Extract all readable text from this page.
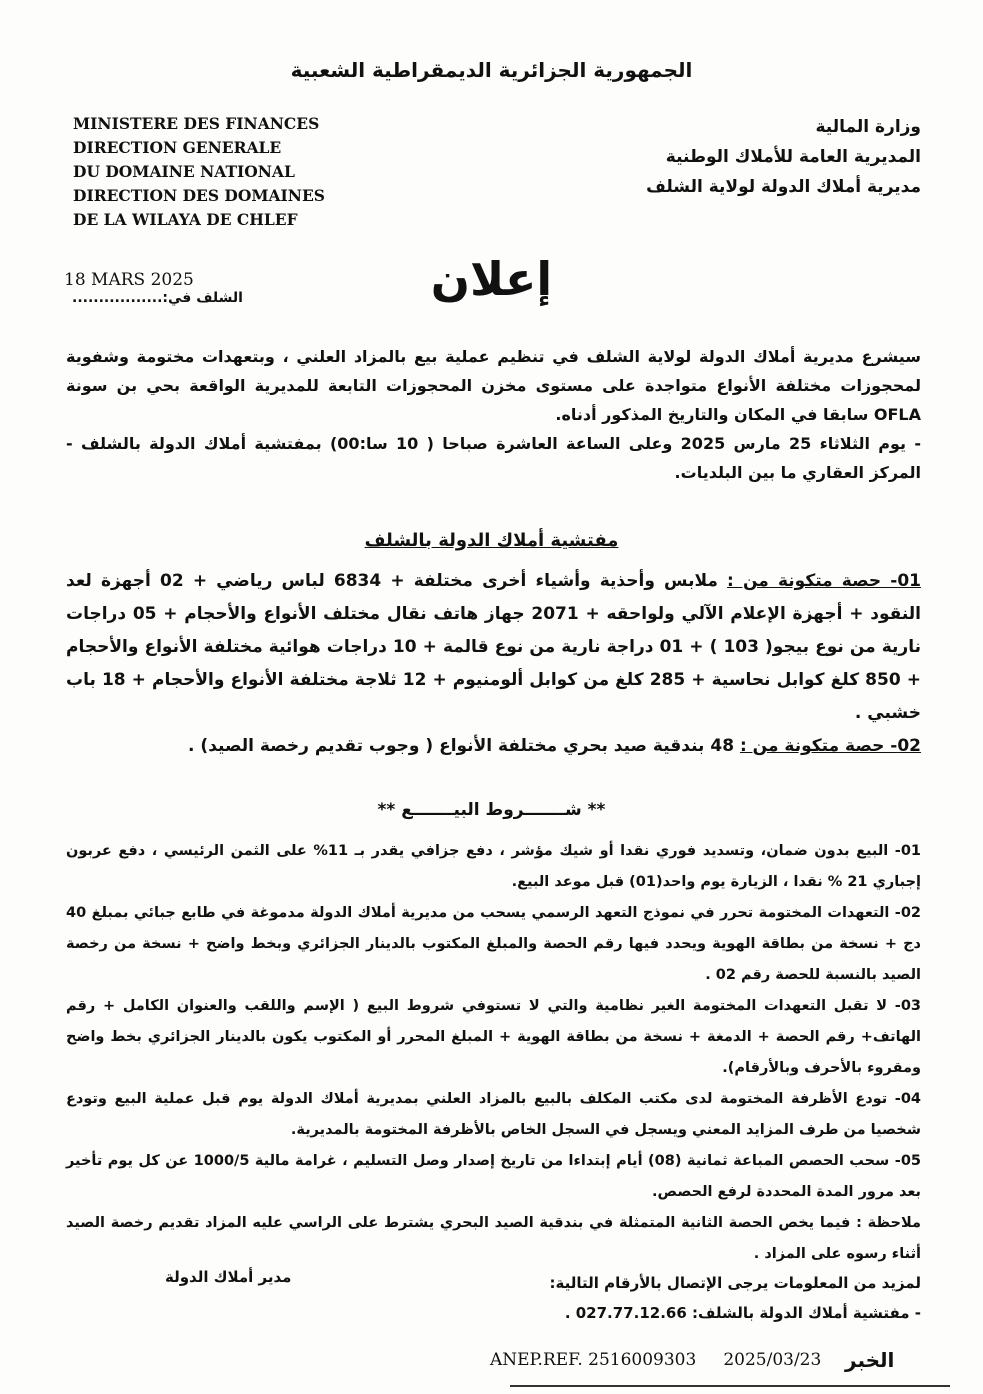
الجمهورية الجزائرية الديمقراطية الشعبية
MINISTERE DES FINANCES
DIRECTION GENERALE
DU DOMAINE NATIONAL
DIRECTION DES DOMAINES
DE LA WILAYA DE CHLEF
وزارة المالية
المديرية العامة للأملاك الوطنية
مديرية أملاك الدولة لولاية الشلف
إعلان
18 MARS 2025
الشلف في:.................

سيشرع مديرية أملاك الدولة لولاية الشلف في تنظيم عملية بيع بالمزاد العلني ، وبتعهدات مختومة وشفوية لمحجوزات مختلفة الأنواع متواجدة على مستوى مخزن المحجوزات التابعة للمديرية الواقعة بحي بن سونة OFLA سابقا في المكان والتاريخ المذكور أدناه.

- يوم الثلاثاء 25 مارس 2025 وعلى الساعة العاشرة صباحا ( 10 سا:00) بمفتشية أملاك الدولة بالشلف - المركز العقاري ما بين البلديات.

مفتشية أملاك الدولة بالشلف

01- حصة متكونة من : ملابس وأحذية وأشياء أخرى مختلفة + 6834 لباس رياضي + 02 أجهزة لعد النقود + أجهزة الإعلام الآلي ولواحقه + 2071 جهاز هاتف نقال مختلف الأنواع والأحجام + 05 دراجات نارية من نوع بيجو( 103 ) + 01 دراجة نارية من نوع قالمة + 10 دراجات هوائية مختلفة الأنواع والأحجام + 850 كلغ كوابل نحاسية + 285 كلغ من كوابل ألومنيوم + 12 ثلاجة مختلفة الأنواع والأحجام + 18 باب خشبي .

02- حصة متكونة من : 48 بندقية صيد بحري مختلفة الأنواع ( وجوب تقديم رخصة الصيد) .

** شـــــــروط البيـــــــع **

01- البيع بدون ضمان، وتسديد فوري نقدا أو شيك مؤشر ، دفع جزافي يقدر بـ 11% على الثمن الرئيسي ، دفع عربون إجباري 21 % نقدا ، الزيارة يوم واحد(01) قبل موعد البيع.

02- التعهدات المختومة تحرر في نموذج التعهد الرسمي يسحب من مديرية أملاك الدولة مدموغة في طابع جبائي بمبلغ 40 دج + نسخة من بطاقة الهوية ويحدد فيها رقم الحصة والمبلغ المكتوب بالدينار الجزائري وبخط واضح + نسخة من رخصة الصيد بالنسبة للحصة رقم 02 .

03- لا تقبل التعهدات المختومة الغير نظامية والتي لا تستوفي شروط البيع ( الإسم واللقب والعنوان الكامل + رقم الهاتف+ رقم الحصة + الدمغة + نسخة من بطاقة الهوية + المبلغ المحرر أو المكتوب يكون بالدينار الجزائري بخط واضح ومقروء بالأحرف وبالأرقام).

04- تودع الأظرفة المختومة لدى مكتب المكلف بالبيع بالمزاد العلني بمديرية أملاك الدولة يوم قبل عملية البيع وتودع شخصيا من طرف المزايد المعني ويسجل في السجل الخاص بالأظرفة المختومة بالمديرية.

05- سحب الحصص المباعة ثمانية (08) أيام إبتداءا من تاريخ إصدار وصل التسليم ، غرامة مالية 1000/5 عن كل يوم تأخير بعد مرور المدة المحددة لرفع الحصص.

ملاحظة : فيما يخص الحصة الثانية المتمثلة في بندقية الصيد البحري يشترط على الراسي عليه المزاد تقديم رخصة الصيد أثناء رسوه على المزاد .

لمزيد من المعلومات يرجى الإتصال بالأرقام التالية:
- مفتشية أملاك الدولة بالشلف: 027.77.12.66 .
مدير أملاك الدولة
ANEP.REF. 2516009303 2025/03/23 الخبر
